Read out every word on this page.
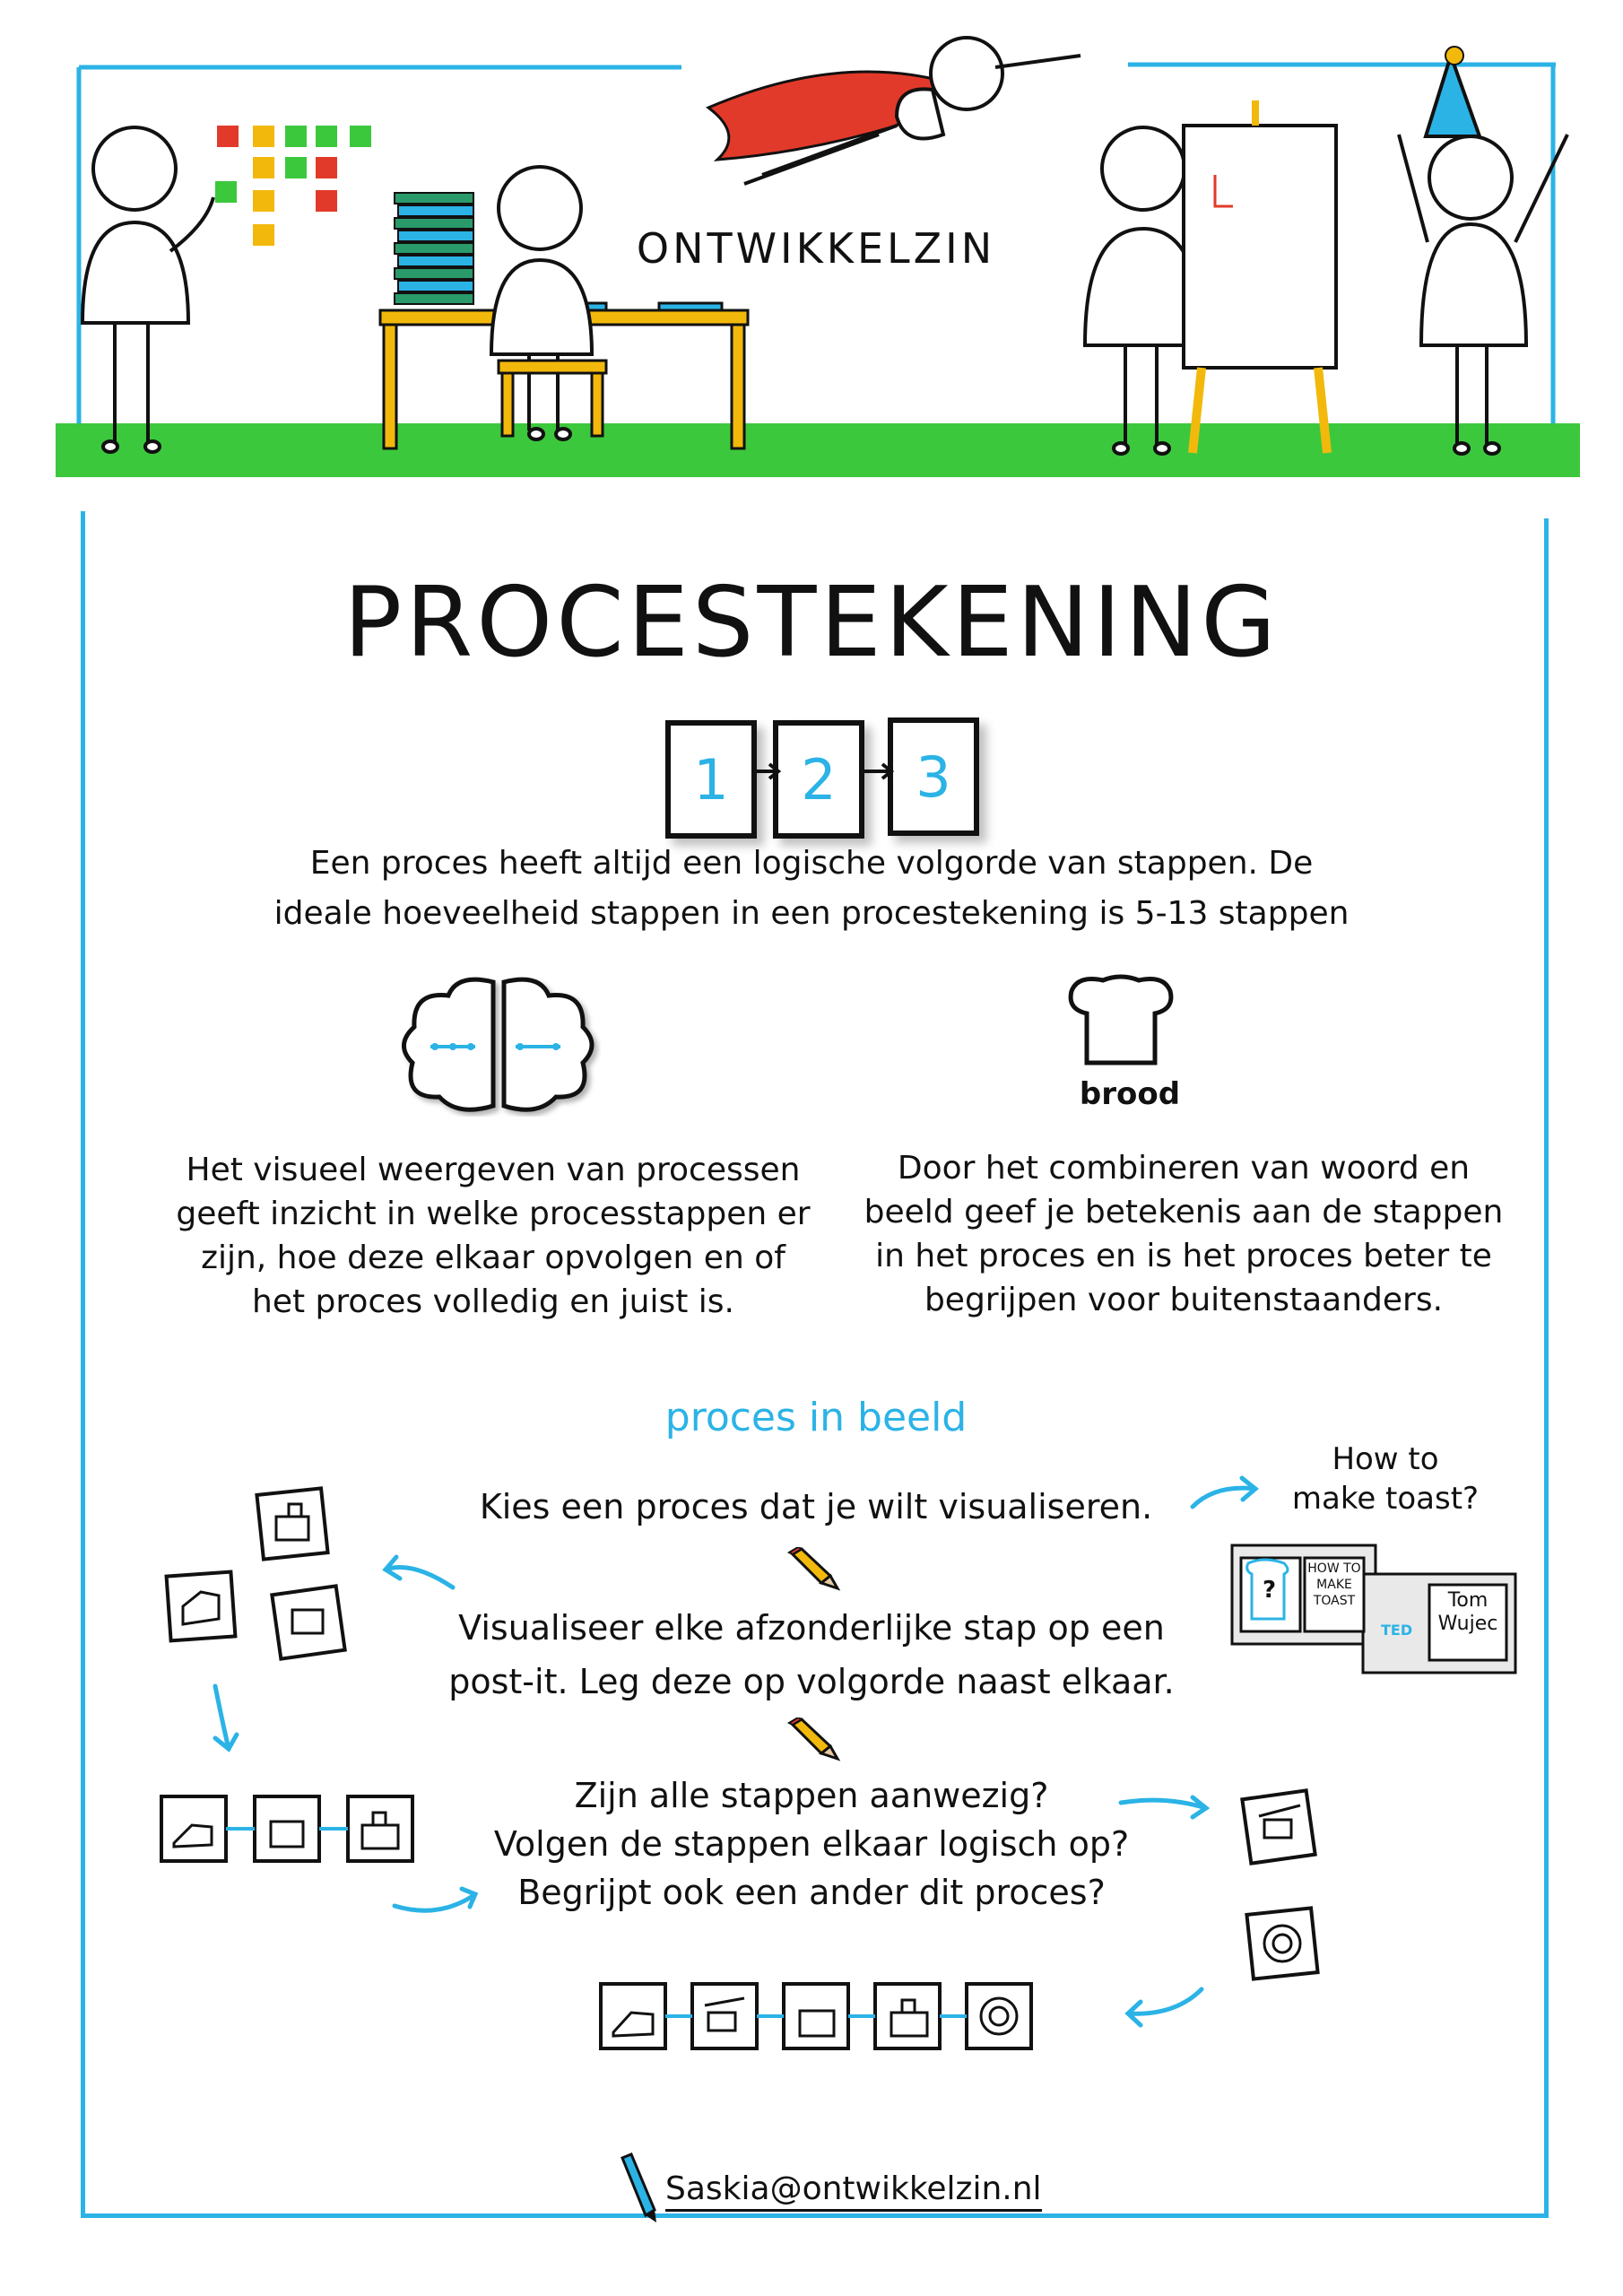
ONTWIKKELZIN
PROCESTEKENING
1	2	3
Een proces heeft altijd een logische volgorde van stappen. De
ideale hoeveelheid stappen in een procestekening is 5-13 stappen
brood
Het visueel weergeven van processen
geeft inzicht in welke processtappen er
zijn, hoe deze elkaar opvolgen en of
het proces volledig en juist is.
Door het combineren van woord en
beeld geef je betekenis aan de stappen
in het proces en is het proces beter te
begrijpen voor buitenstaanders.
proces in beeld
Kies een proces dat je wilt visualiseren.
Visualiseer elke afzonderlijke stap op een
post-it. Leg deze op volgorde naast elkaar.
Zijn alle stappen aanwezig?
Volgen de stappen elkaar logisch op?
Begrijpt ook een ander dit proces?
How to
make toast?
?
HOW TO
MAKE
TOAST
TED
Tom
Wujec
Saskia@ontwikkelzin.nl
